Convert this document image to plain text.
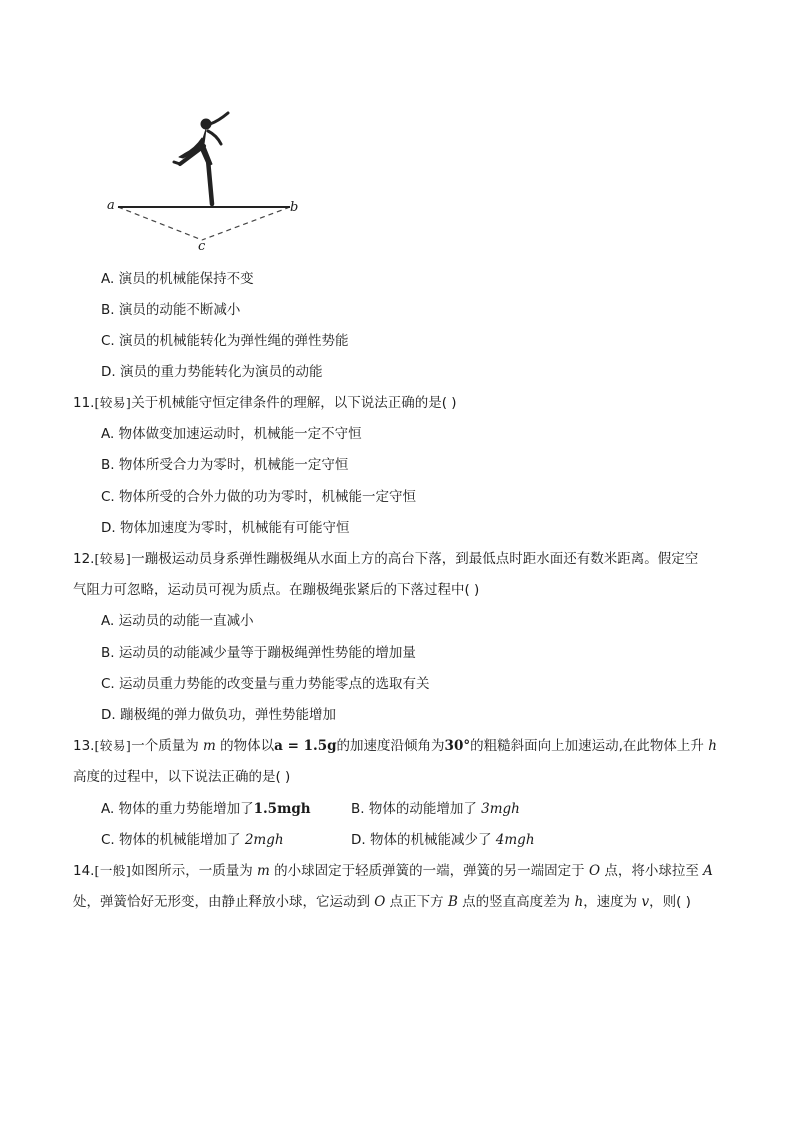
a	b
c
A. 演员的机械能保持不变
B. 演员的动能不断减小
C. 演员的机械能转化为弹性绳的弹性势能
D. 演员的重力势能转化为演员的动能
11.[较易]关于机械能守恒定律条件的理解，以下说法正确的是( )
A. 物体做变加速运动时，机械能一定不守恒
B. 物体所受合力为零时，机械能一定守恒
C. 物体所受的合外力做的功为零时，机械能一定守恒
D. 物体加速度为零时，机械能有可能守恒
12.[较易]一蹦极运动员身系弹性蹦极绳从水面上方的高台下落，到最低点时距水面还有数米距离。假定空
气阻力可忽略，运动员可视为质点。在蹦极绳张紧后的下落过程中( )
A. 运动员的动能一直减小
B. 运动员的动能减少量等于蹦极绳弹性势能的增加量
C. 运动员重力势能的改变量与重力势能零点的选取有关
D. 蹦极绳的弹力做负功，弹性势能增加
13.[较易]一个质量为 m 的物体以a = 1.5g的加速度沿倾角为30°的粗糙斜面向上加速运动,在此物体上升 h
高度的过程中，以下说法正确的是( )
A. 物体的重力势能增加了1.5mgh	B. 物体的动能增加了 3mgh
C. 物体的机械能增加了 2mgh	D. 物体的机械能减少了 4mgh
14.[一般]如图所示，一质量为 m 的小球固定于轻质弹簧的一端，弹簧的另一端固定于 O 点，将小球拉至 A
处，弹簧恰好无形变，由静止释放小球，它运动到 O 点正下方 B 点的竖直高度差为 h，速度为 v，则( )
